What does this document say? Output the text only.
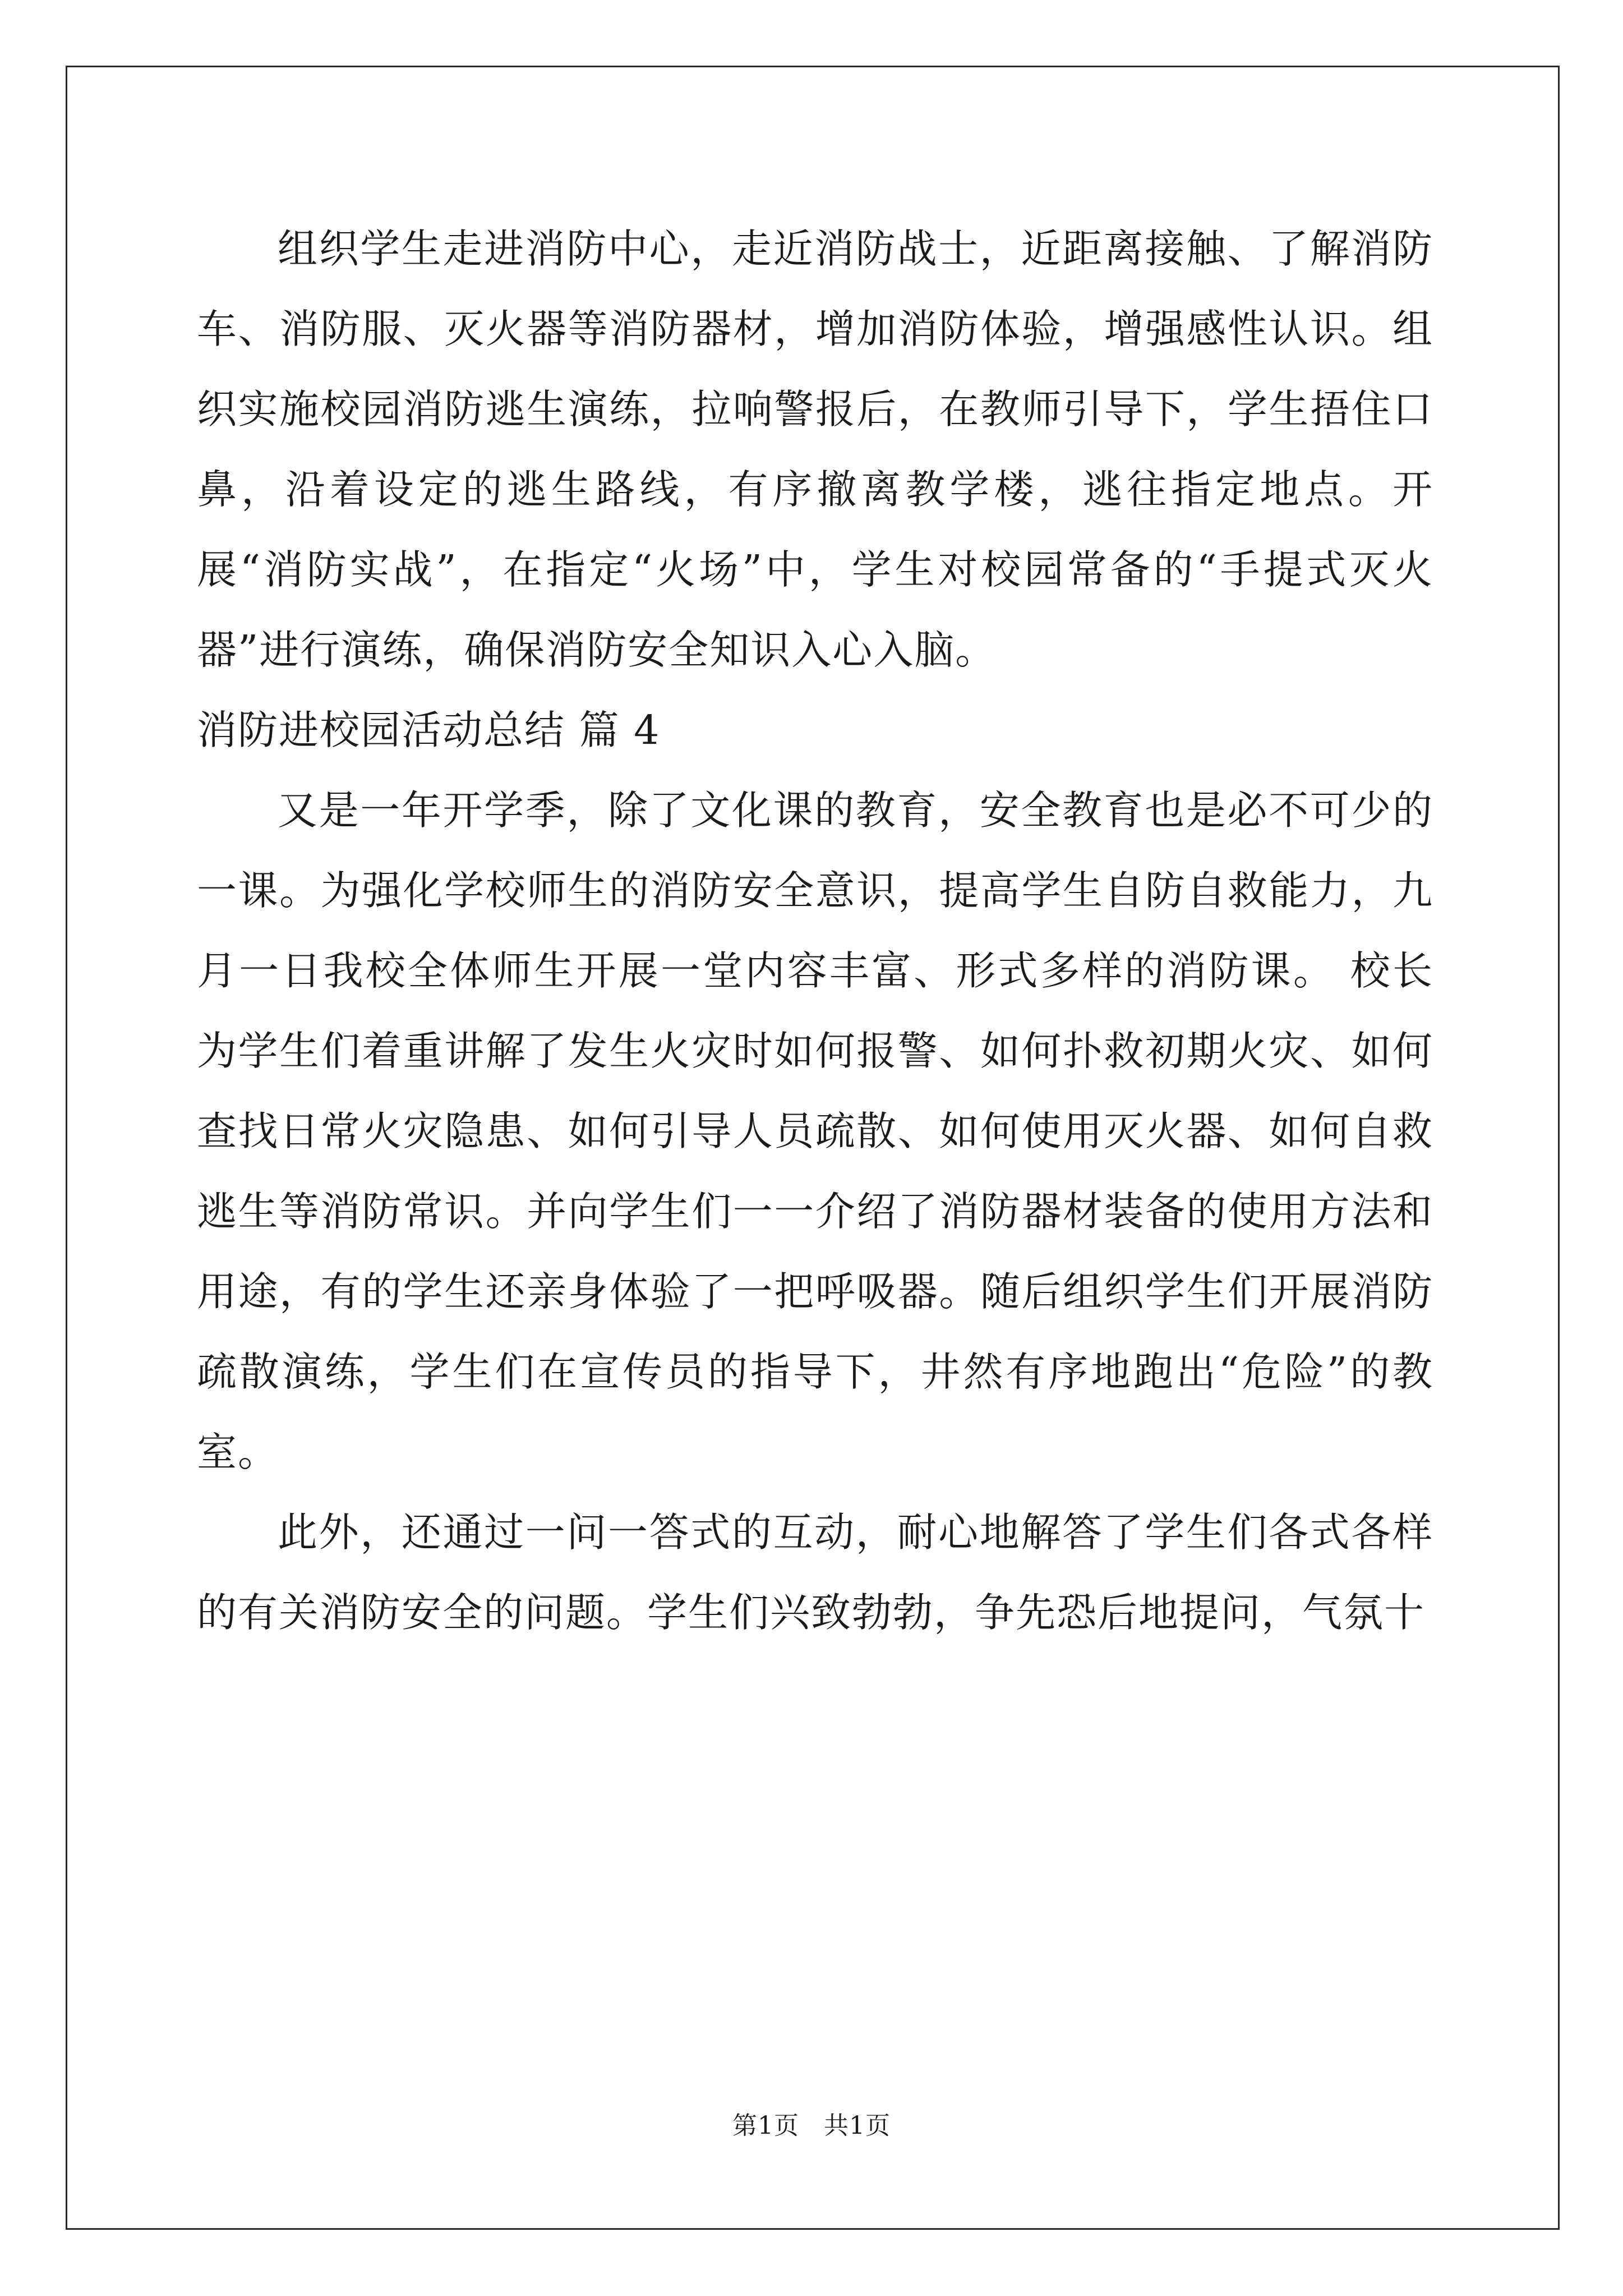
组织学生走进消防中心，走近消防战士，近距离接触、了解消防车、消防服、灭火器等消防器材，增加消防体验，增强感性认识。组织实施校园消防逃生演练，拉响警报后，在教师引导下，学生捂住口鼻，沿着设定的逃生路线，有序撤离教学楼，逃往指定地点。开展“消防实战”，在指定“火场”中，学生对校园常备的“手提式灭火器”进行演练，确保消防安全知识入心入脑。

消防进校园活动总结 篇 4

又是一年开学季，除了文化课的教育，安全教育也是必不可少的一课。为强化学校师生的消防安全意识，提高学生自防自救能力，九月一日我校全体师生开展一堂内容丰富、形式多样的消防课。 校长为学生们着重讲解了发生火灾时如何报警、如何扑救初期火灾、如何查找日常火灾隐患、如何引导人员疏散、如何使用灭火器、如何自救逃生等消防常识。并向学生们一一介绍了消防器材装备的使用方法和用途，有的学生还亲身体验了一把呼吸器。随后组织学生们开展消防疏散演练，学生们在宣传员的指导下，井然有序地跑出“危险”的教室。

此外，还通过一问一答式的互动，耐心地解答了学生们各式各样的有关消防安全的问题。学生们兴致勃勃，争先恐后地提问，气氛十

第1页 共1页
